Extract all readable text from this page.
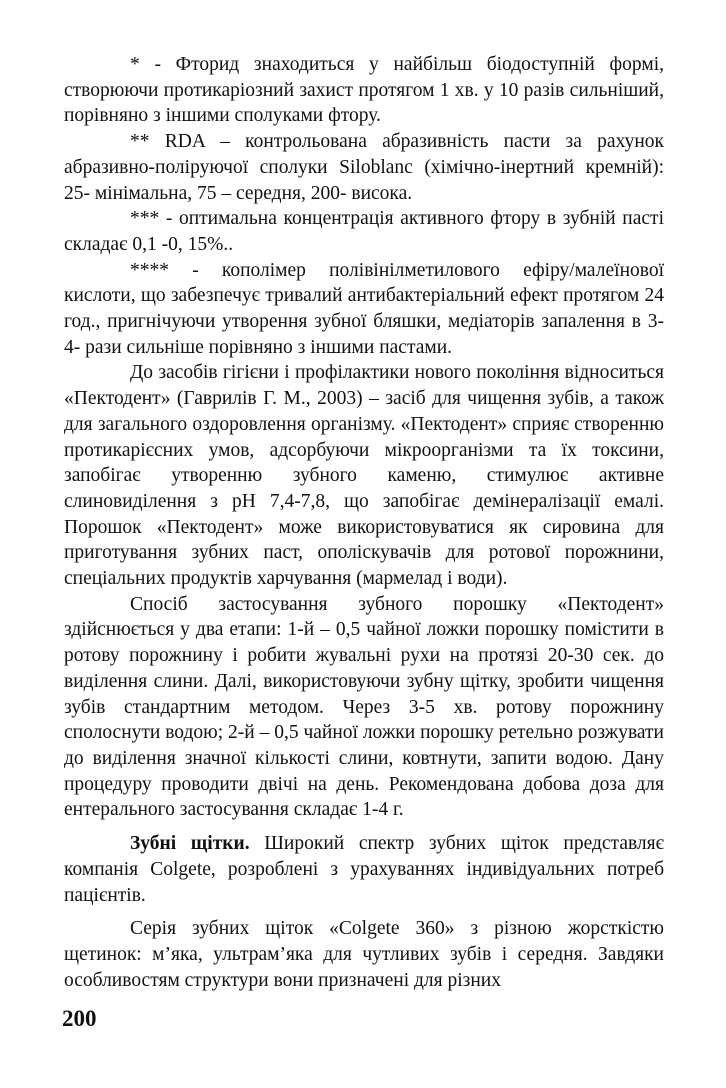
* - Фторид знаходиться у найбільш біодоступній формі, створюючи протикаріозний захист протягом 1 хв. у 10 разів сильніший, порівняно з іншими сполуками фтору.

** RDA – контрольована абразивність пасти за рахунок абразивно-поліруючої сполуки Siloblanc (хімічно-інертний кремній): 25- мінімальна, 75 – середня, 200- висока.

*** - оптимальна концентрація активного фтору в зубній пасті складає 0,1 -0, 15%..

**** - кополімер полівінілметилового ефіру/малеїнової кислоти, що забезпечує тривалий антибактеріальний ефект протягом 24 год., пригнічуючи утворення зубної бляшки, медіаторів запалення в 3-4- рази сильніше порівняно з іншими пастами.

До засобів гігієни і профілактики нового покоління відноситься «Пектодент» (Гаврилів Г. М., 2003) – засіб для чищення зубів, а також для загального оздоровлення організму. «Пектодент» сприяє створенню протикарієсних умов, адсорбуючи мікроорганізми та їх токсини, запобігає утворенню зубного каменю, стимулює активне слиновиділення з рН 7,4-7,8, що запобігає демінералізації емалі. Порошок «Пектодент» може використовуватися як сировина для приготування зубних паст, ополіскувачів для ротової порожнини, спеціальних продуктів харчування (мармелад і води).

Спосіб застосування зубного порошку «Пектодент» здійснюється у два етапи: 1-й – 0,5 чайної ложки порошку помістити в ротову порожнину і робити жувальні рухи на протязі 20-30 сек. до виділення слини. Далі, використовуючи зубну щітку, зробити чищення зубів стандартним методом. Через 3-5 хв. ротову порожнину сполоснути водою; 2-й – 0,5 чайної ложки порошку ретельно розжувати до виділення значної кількості слини, ковтнути, запити водою. Дану процедуру проводити двічі на день. Рекомендована добова доза для ентерального застосування складає 1-4 г.

Зубні щітки. Широкий спектр зубних щіток представляє компанія Colgete, розроблені з урахуваннях індивідуальних потреб пацієнтів.

Серія зубних щіток «Colgete 360» з різною жорсткістю щетинок: м’яка, ультрам’яка для чутливих зубів і середня. Завдяки особливостям структури вони призначені для різних

200
